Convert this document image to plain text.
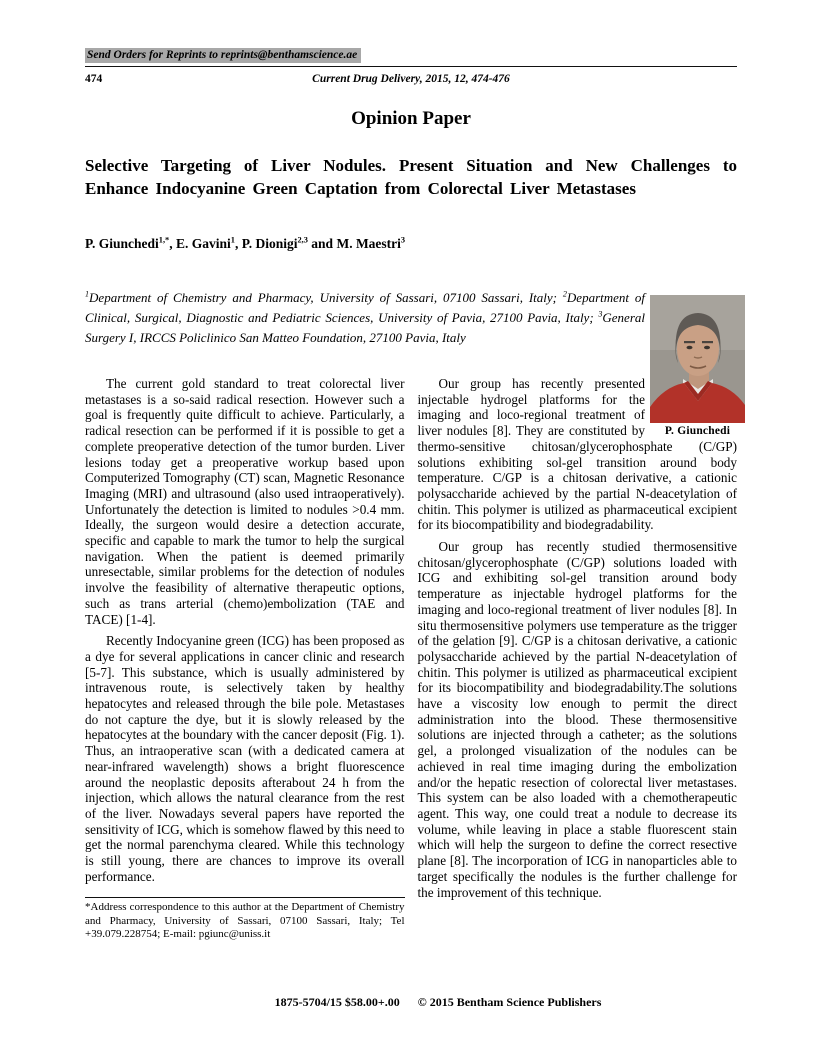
Send Orders for Reprints to reprints@benthamscience.ae
474	Current Drug Delivery, 2015, 12, 474-476
Opinion Paper
Selective Targeting of Liver Nodules. Present Situation and New Challenges to Enhance Indocyanine Green Captation from Colorectal Liver Metastases
P. Giunchedi$^{1,*}$, E. Gavini$^1$, P. Dionigi$^{2,3}$ and M. Maestri$^3$
$^1$Department of Chemistry and Pharmacy, University of Sassari, 07100 Sassari, Italy; $^2$Department of Clinical, Surgical, Diagnostic and Pediatric Sciences, University of Pavia, 27100 Pavia, Italy; $^3$General Surgery I, IRCCS Policlinico San Matteo Foundation, 27100 Pavia, Italy
P. Giunchedi

The current gold standard to treat colorectal liver metastases is a so-said radical resection. However such a goal is frequently quite difficult to achieve. Particularly, a radical resection can be performed if it is possible to get a complete preoperative detection of the tumor burden. Liver lesions today get a preoperative workup based upon Computerized Tomography (CT) scan, Magnetic Resonance Imaging (MRI) and ultrasound (also used intraoperatively). Unfortunately the detection is limited to nodules >0.4 mm. Ideally, the surgeon would desire a detection accurate, specific and capable to mark the tumor to help the surgical navigation. When the patient is deemed primarily unresectable, similar problems for the detection of nodules involve the feasibility of alternative therapeutic options, such as trans arterial (chemo)embolization (TAE and TACE) [1-4].

Recently Indocyanine green (ICG) has been proposed as a dye for several applications in cancer clinic and research [5-7]. This substance, which is usually administered by intravenous route, is selectively taken by healthy hepatocytes and released through the bile pole. Metastases do not capture the dye, but it is slowly released by the hepatocytes at the boundary with the cancer deposit (Fig. 1). Thus, an intraoperative scan (with a dedicated camera at near-infrared wavelength) shows a bright fluorescence around the neoplastic deposits afterabout 24 h from the injection, which allows the natural clearance from the rest of the liver. Nowadays several papers have reported the sensitivity of ICG, which is somehow flawed by this need to get the normal parenchyma cleared. While this technology is still young, there are chances to improve its overall performance.

*Address correspondence to this author at the Department of Chemistry and Pharmacy, University of Sassari, 07100 Sassari, Italy; Tel +39.079.228754; E-mail: pgiunc@uniss.it

Our group has recently presented injectable hydrogel platforms for the imaging and loco-regional treatment of liver nodules [8]. They are constituted by thermo-sensitive chitosan/glycerophosphate (C/GP) solutions exhibiting sol-gel transition around body temperature. C/GP is a chitosan derivative, a cationic polysaccharide achieved by the partial N-deacetylation of chitin. This polymer is utilized as pharmaceutical excipient for its biocompatibility and biodegradability.

Our group has recently studied thermosensitive chitosan/glycerophosphate (C/GP) solutions loaded with ICG and exhibiting sol-gel transition around body temperature as injectable hydrogel platforms for the imaging and loco-regional treatment of liver nodules [8]. In situ thermosensitive polymers use temperature as the trigger of the gelation [9]. C/GP is a chitosan derivative, a cationic polysaccharide achieved by the partial N-deacetylation of chitin. This polymer is utilized as pharmaceutical excipient for its biocompatibility and biodegradability.The solutions have a viscosity low enough to permit the direct administration into the blood. These thermosensitive solutions are injected through a catheter; as the solutions gel, a prolonged visualization of the nodules can be achieved in real time imaging during the embolization and/or the hepatic resection of colorectal liver metastases. This system can be also loaded with a chemotherapeutic agent. This way, one could treat a nodule to decrease its volume, while leaving in place a stable fluorescent stain which will help the surgeon to define the correct resective plane [8]. The incorporation of ICG in nanoparticles able to target specifically the nodules is the further challenge for the improvement of this technique.

1875-5704/15 $58.00+.00 © 2015 Bentham Science Publishers
